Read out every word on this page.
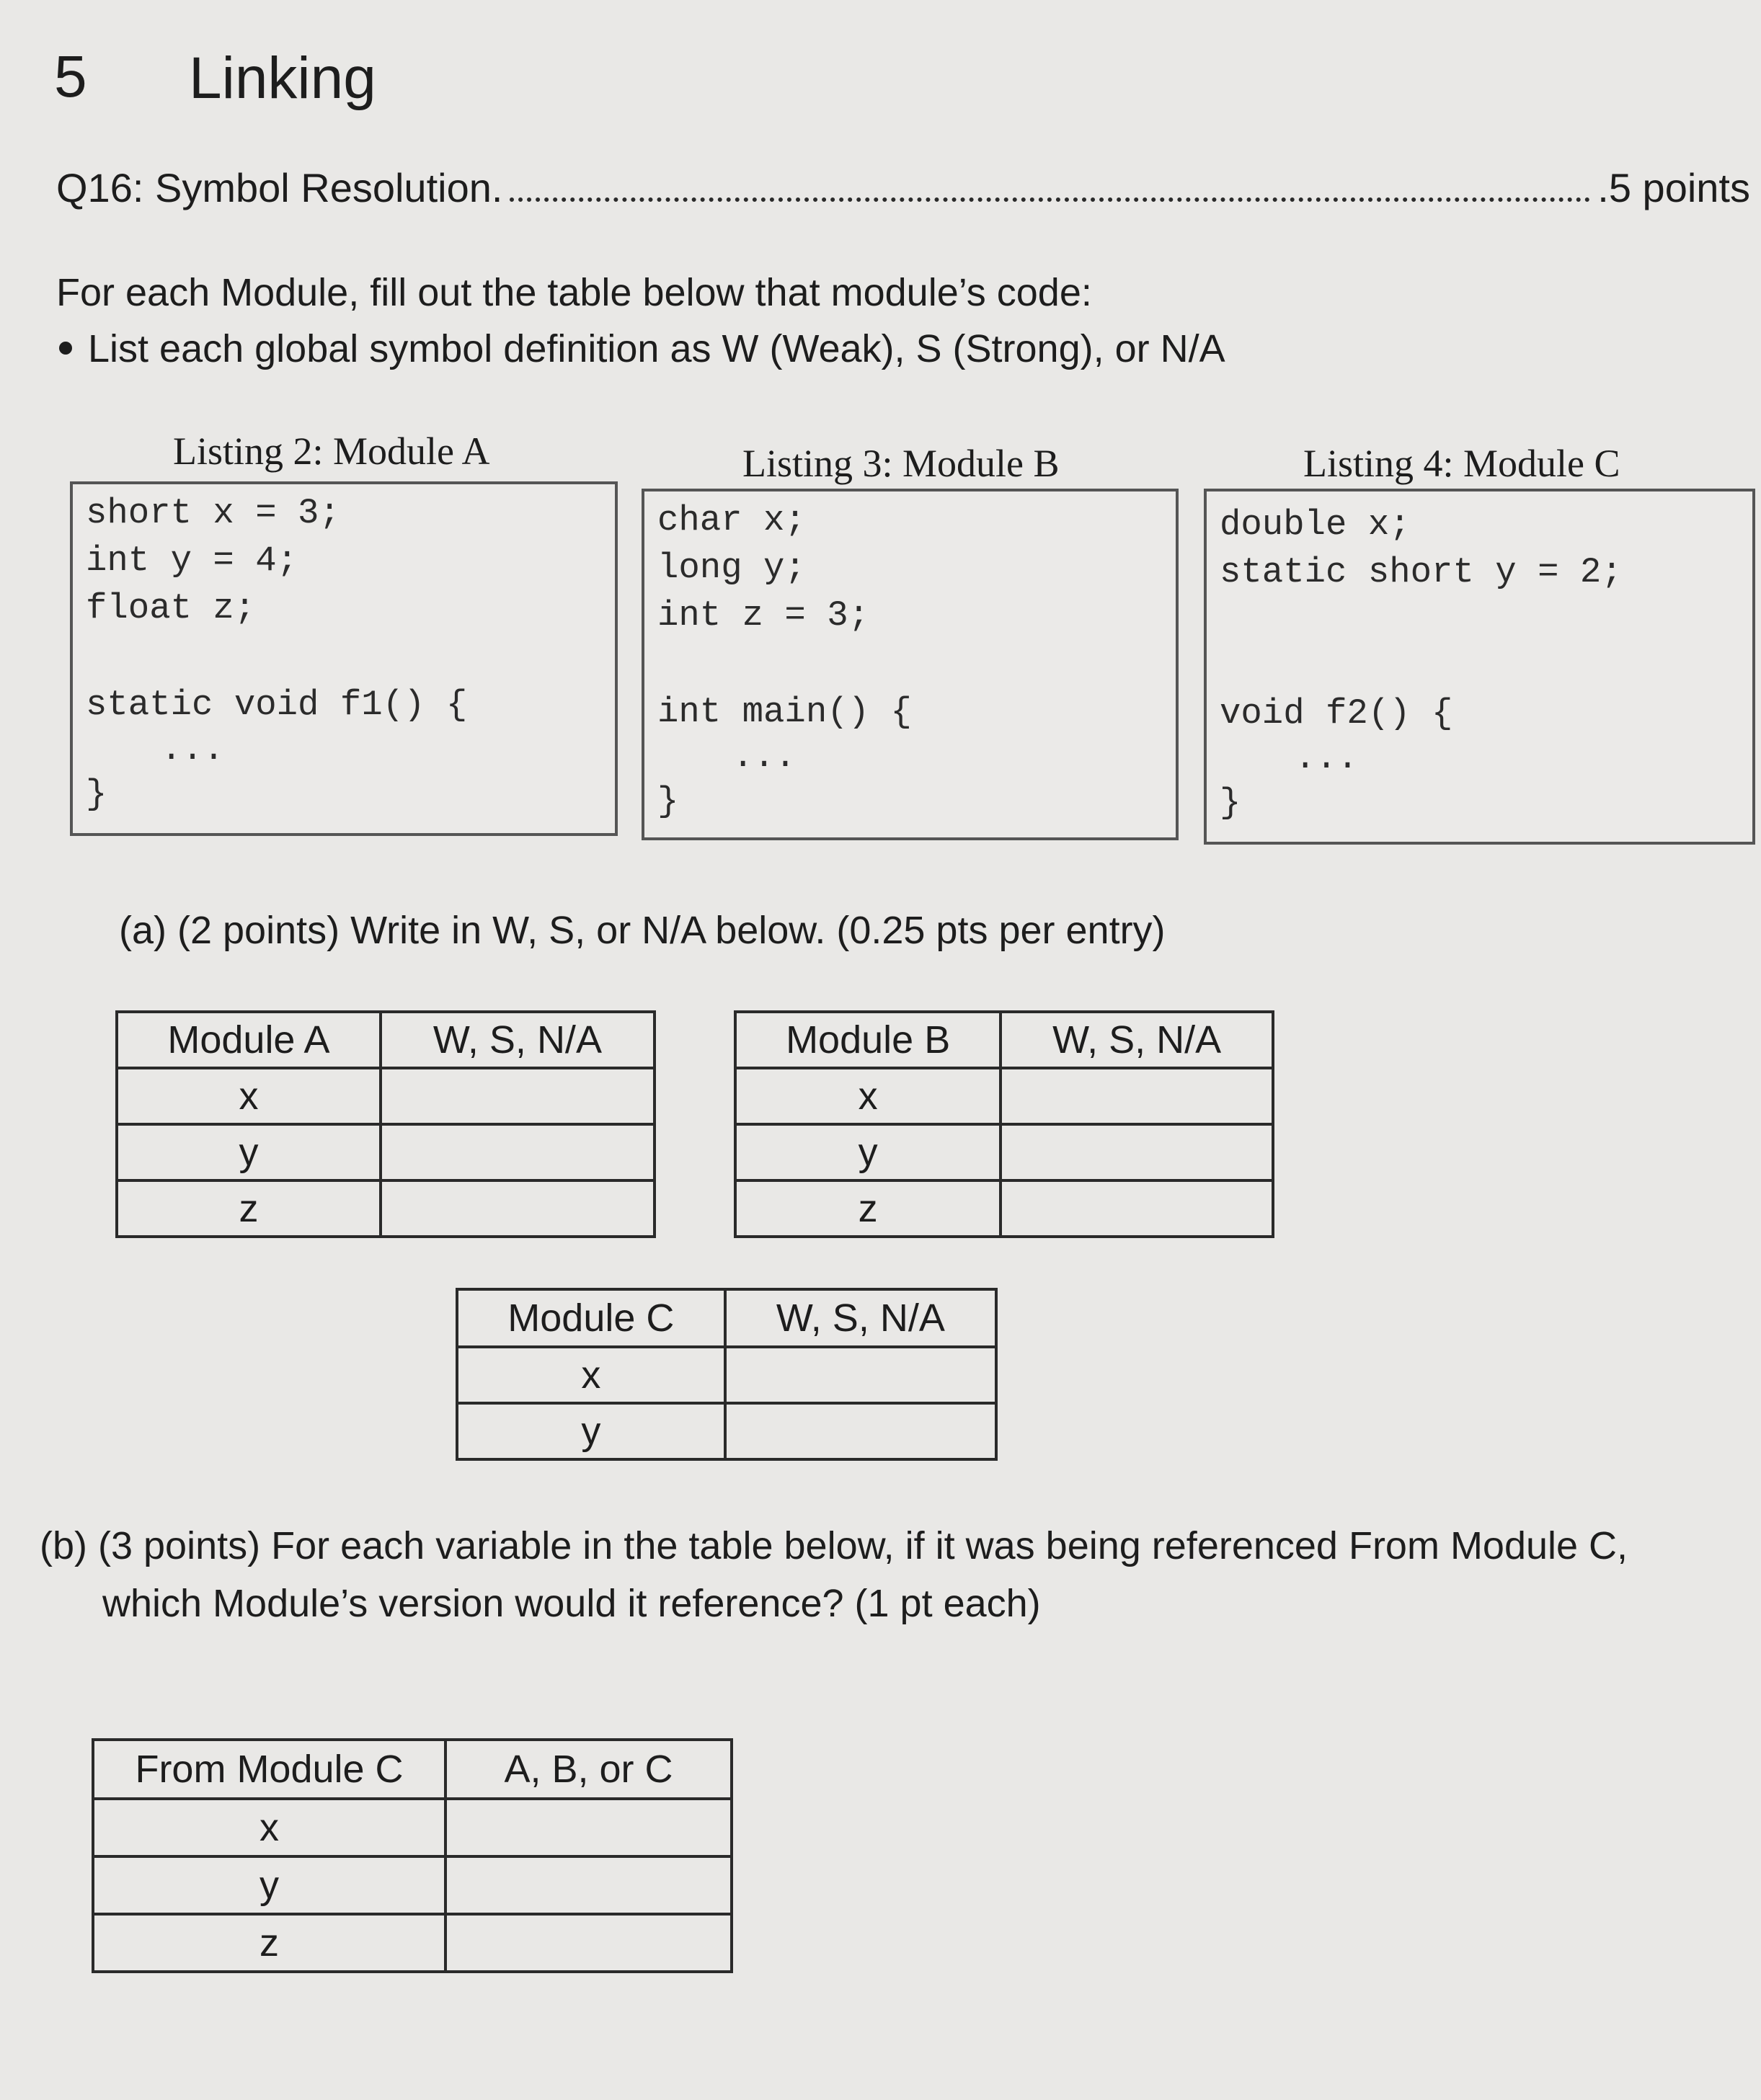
5 Linking
Q16: Symbol Resolution.	.5 points
For each Module, fill out the table below that module’s code:
List each global symbol definition as W (Weak), S (Strong), or N/A
Listing 2: Module A	Listing 3: Module B	Listing 4: Module C
short x = 3;
int y = 4;
float z;
static void f1() {
...
}
char x;
long y;
int z = 3;
int main() {
...
}
double x;
static short y = 2;
void f2() {
...
}
(a) (2 points) Write in W, S, or N/A below. (0.25 pts per entry)
Module A	W, S, N/A
x	
y	
z	
Module B	W, S, N/A
x	
y	
z	
Module C	W, S, N/A
x	
y	
(b) (3 points) For each variable in the table below, if it was being referenced From Module C,
which Module’s version would it reference? (1 pt each)
From Module C	A, B, or C
x	
y	
z	
